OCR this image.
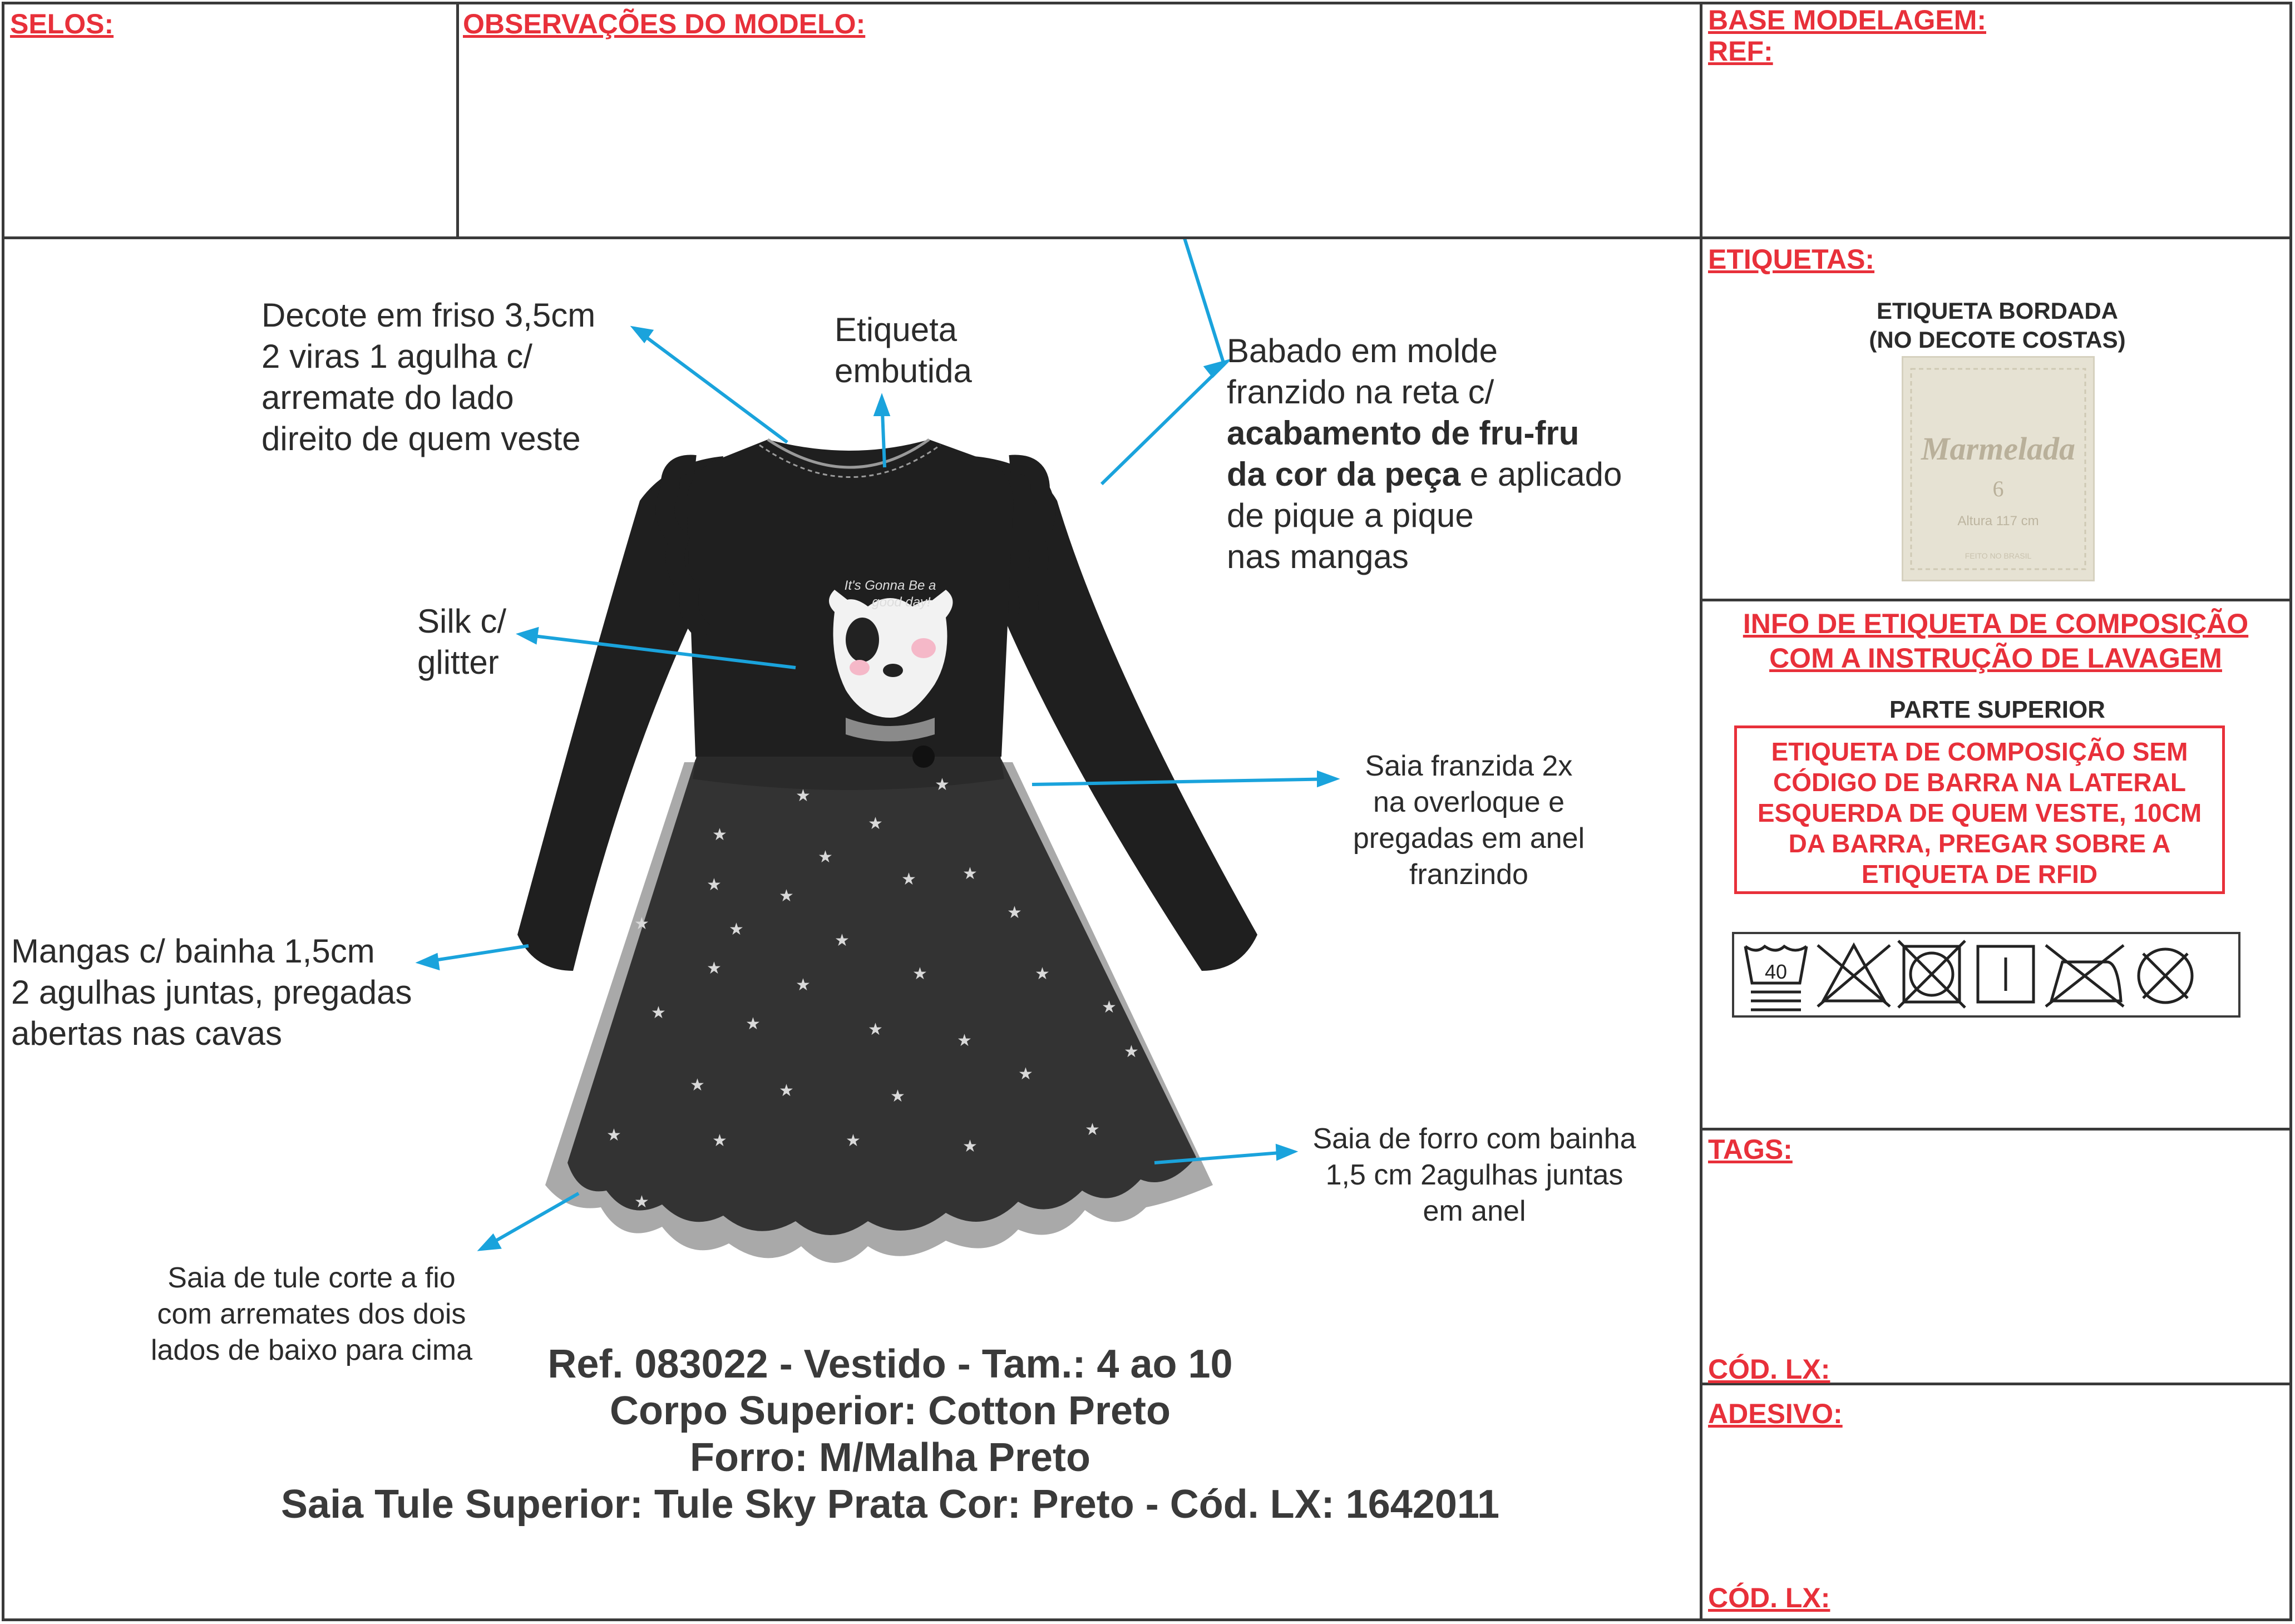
SELOS:	OBSERVAÇÕES DO MODELO:	BASE MODELAGEM:
REF:
ETIQUETAS:
ETIQUETA BORDADA
(NO DECOTE COSTAS)
Marmelada
6
Altura 117 cm
FEITO NO BRASIL
INFO DE ETIQUETA DE COMPOSIÇÃO
COM A INSTRUÇÃO DE LAVAGEM
PARTE SUPERIOR
ETIQUETA DE COMPOSIÇÃO SEM
CÓDIGO DE BARRA NA LATERAL
ESQUERDA DE QUEM VESTE, 10CM
DA BARRA, PREGAR SOBRE A
ETIQUETA DE RFID
40
TAGS:
CÓD. LX:
ADESIVO:
CÓD. LX:
It's Gonna Be a
good day!
★
★
★
★
★
★
★
★
★
★	★
★
★
★
★
★	★
★
★	★
★
★
★	★	★
★
★
★	★	★	★
★
★
Decote em friso 3,5cm
2 viras 1 agulha c/
arremate do lado
direito de quem veste
Etiqueta
embutida
Babado em molde
franzido na reta c/
acabamento de fru-fru
da cor da peça e aplicado
de pique a pique
nas mangas
Silk c/
glitter
Saia franzida 2x
na overloque e
pregadas em anel
franzindo
Mangas c/ bainha 1,5cm
2 agulhas juntas, pregadas
abertas nas cavas
Saia de forro com bainha
1,5 cm 2agulhas juntas
em anel
Saia de tule corte a fio
com arremates dos dois
lados de baixo para cima	Ref. 083022 - Vestido - Tam.: 4 ao 10
Corpo Superior: Cotton Preto
Forro: M/Malha Preto
Saia Tule Superior: Tule Sky Prata Cor: Preto - Cód. LX: 1642011
